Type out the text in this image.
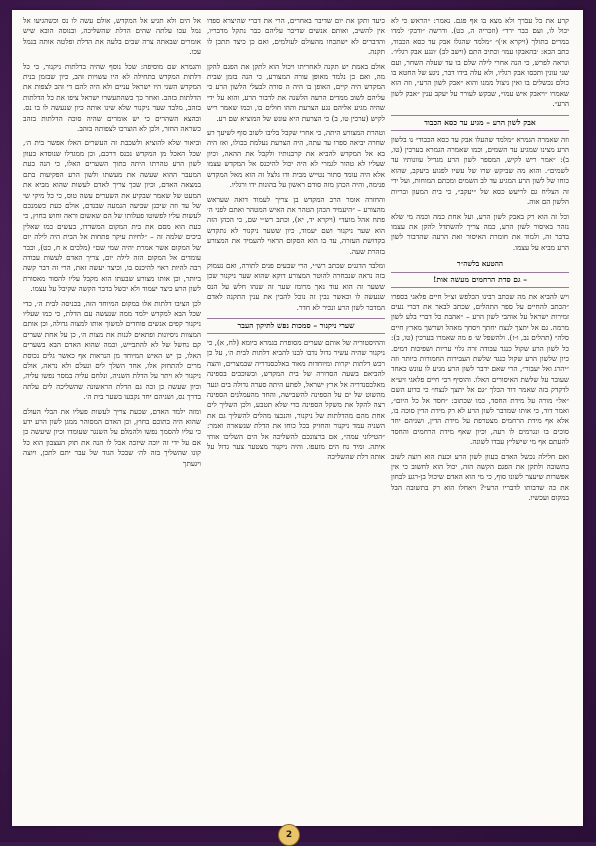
קרע את כל עבֹרך ולא מצא בו אף פגם. נאמר: ״הראש כי לא יכול לו, ועם כבר ירד״ (וזכריה ה, כט). ודרשה ״ודבק׳ למדו במרים בתולך (ויקרא א׳)״ ״מלמד שהגלו אבק עד כסא הכבוד, כתב הכא: ׳בהאבקו עמו׳ וכתיב התם (וישב לב) ׳ונגע אבק רגליו׳. ונראה לפרש, כי הנה אחרי לילה שלם בו עד שעלה השחר, ועם שני עונין ותכסו אבק רגליו, ולא עלה בידו דבר, ניגע של החטא בו כולם נכשלים בו ואין ניצול ממנו והוא ״אבק לשון הרע״, וזה הוא שאמרו ״ויאבק איש עמו״, שבקש לעורר על יעקב ענין ״אבק לשון הרע״.

אבק לשון הרע – מגיע עד כסא הכבוד

וזה שאמרה הגמרא ״מלמד שהעלו אבק עד כסא הכבוד״ נו בלשון הרע מצינו שמגיע עד השמים, וכמו שאמרה הגמרא בערכין (טו, ב): ״אמר ריש לקיש, המספר לשון הרע מגדיל עוונותיו עד לשמים״. והוא מה שביקש שרו של עשיו לפגוע ביעקב, שהוא כוחו של לשון הרע המגיע עד לב השמים ומכתם המוחות, ועל ידי זה הצליח גם לריעש כסא של ״יעקב״, כי בית המעון ובריות הלשון הם אוה.

וכל זה הוא רק באבק לשון הרע, ועל אחת כמה וכמה מי שלא נזהר באיסור לשון הרע, כמה צריך להשתדל להקן את עצמו בדבר זה, ולמוד את חומרת האיסור ואת הרעה שהדבור לשון הרע מביא על עצמו.

ההטעא בלשה״ר
– גם סדת הרחמים מעשה אות!

ויש להביא את מה שכתב רבינו הכלפש זצ״ל חיים פלאגי בספרו ״הכתב להחיים על ספר התהלים, שכתב לבאר את דברי נעים זמירות ישראל על אוהבי לשון הרע – ״אהבת כל דברי בלע לשון מרמה. גם אל יתצך לנצח יחתך ויסחך מאהל ושרשך מארץ חיים סלה״ (תהלים נב, ו-ז). ולהשפל ש׳ פ מה שאמרו בערכין (טו, ב): כל לשון הרע שקול כנגד עבודה זרה גלוי עריות ושפיכות דמים. כיון שלשון הרע שקול כנגד שלשת העבירות החמורות ביותר וזה ״יהרג ואל יעבור״, הרי שאם ידבר לשון הרע מגיע לו עונש כאחד שעובר על שלשת האיסורים האלו. והוסיף רבי חיים פלאגי זיע״א לדקדק בזה שאמר דוד הכלך ״גם אל יתצך לנצח״ כי כדוע השם ״אל״ מורה על מידת החסד, כמו שכתוב: ״חסד אל כל היום״, ואמר דוד, כי אותו שמדבר לשון הרע לא רק מידת הדין סוכה בו, אלא אף מידת הרחמים מצטרפת על מידת הדין, ושניהם יחד סוכים בו ונגרמים לו רעה, וכיון שאף מידת הרחמים והחסד להעתם אף מי שישליץ עבדו לשונה.

ואם חלילה נכשל האדם בעוון לשון הרע וכעת הוא רוצה לשוב בתשובה ולתקן את הפגם הקשה הזה, יכול הוא לחשוב כי אין אפשרות שיעצר לשונו סוף, כי מי הוא האדם שיכול בן-רגע לבחון את כה שדבותו לדבריו הרע״? ויאחלו הוא רק בתשובה הבל במקום ועכשיו.

כיעד ותקן את יום שדיבר באחרים, הרי את דברי שהיצרא ספדו אין להשיב, ואותם אנשים שדיבר עליהם כבר נתקל מדבריו, והדברים לא ישתכחו מהעולם לעולמים, ואם כן כיצד תתכן לו תקנה.

אולם באמת יש תקנה לאחריתו ויכול הוא לתקן את הפגם להקן מה, ואם כן נלמד מאופן עורה המצורע, כי הנה בזמן שבית המקדש היה קיים, האופן בו היה ה סורה לבעלי הלשון הרע כי עליהם לשוב ממדים הרעה הלשנה את לדבור הרע, והוא על ידי שהיה מגיע אליהם נגע הצרעת וההו חולים בו, וכמו שאמר ריש לקיש (ערכין טו, ב) כי הצרעת היא עונש של המוציא שם רע.

וטהרת המצורע היתה, כי אחרי שקבל בליבו לשוב סוף לשיעך רע שחרה יביאה ספרו עד עתה, היה הצרעת נעלמת בכולו, ואז היה בא אל המקדש להביא את קרבנותיו ולקבל את ההאה, וכיון שעליו לא טהור לגמרי לא היה יכול להיכנס אל המקדש עצמו אלא היה עומד סתור נטייש מבית ודו גלצל זה הוא מאל המקדש פנימה, והיה הכהן מזה סודם ראשון על בהונות ידו ורגליו.

והחזרה אומר הרב המקדש בן צריך לעמוד דואה שעראש מהצורע – ״היעמיד הכהן הטהר את האיש המטהר ואתם לפני ה׳ פתח אהל מועד״ (ויקרא יד, יא), וכתב רש״י שם, כי הכהן הזה הוא שער ניקנור ושם יעמוד, כיון ששער ניקנור לא נתקדש בקדושת העזרה, עד בו הוא הסקום הראוי להעמיד את המצורע בזהרת שעה.

ומלבד הדגנים שכתב רש״י, הרי שבעים פנים לתורה, ואם נעמוק בזה נראה שנבחרה להוטר המצורע דוקא שהוא שער ניקנור שכן ששער זה הוא עוד נאך מרומז שער זה שנהו חלש על הנס שנעשה לו וכאשר נבין זה נוכל להבין את ענין התקנה לאדם המדבר לשון הרע ונכיר לא חדר.

שערי ניקנור – סמכות נפש לתיקון העבר

וההיסטוריה של אותם שערים מסופרת בגמרא ביומא (לח, א), כי ניקנור שהיה עשיר גדול נדבו לבנו להביא דלתות לבית ה׳, על כן רכש דלתות יקרות ומיוחדות מאוד באלכסנדריה שבמצרים, והצה להביאם בשעה הסדורה של בית המקדש, ובשוכבים בספינה מאלכסנדריה אל ארץ ישראל, לפתע היתה סערה גדולה בים ונעד מהשוט של ים על הספינה להשבישה, והחד מהעמלנים הספינה רצה להקל את משקל הספינה כדי שלא תטבע, ולכן השליך לים אחת מהם מהדלתות של ניקנור, והנכצו מהלים להשליך גם את השניה עמד ניקנור והחזיק בכל כוחו את הדלת שנשארה ואמר: ״הטילוני עמה״, אם ברצונכם להשליכה אל הים השליכו אותי איתה. ומיד נח הים מזעפו. והיה ניקנור מצטער צער גדול על אותה דלת שהשליכה

אל הים ולא תגיע אל המקדש, אולם עשה לו נס וכשהגיעו אל נמל עכו עלתה שהים הדלת שהשליכה, ובנוסה הובא שיש אומרים שבאתה צרה שבים בלעה את הדלת ופלטה אותה בנמל עכו.

והגמרא שם מוסיפה: שכל נוסף שהיה בדלתות ניקנור, כי כל דלתות המקדש בתחילה לא היו עשויות זהב, כיון שבזמן בנית המקדש השני היו ישראל עניים ולא היה להם די זהב לצפות את הדלתות בזהב. ואחר כך כשהתעשרו ישראל ציפו את כל הדלתות בזהב, מלבד שער ניקנור שלא שינו אותה כיון שנעשה לו בו נס. ובהצא השהרים כי יש אומרים שהיה סוכה הדלתות בזהב כשראה החזר, ולכן לא הוצרכו לצפותה בזהב.

וביאור שלא להוציא ולשכבת זה העשרים האלו אפשר בית ה׳, שכל האכל מן המקדש נכנס דרכם, וכן ממגדלו שנוסדא בעוון לשון הרע טהרתו היתה בתוך השערים האלו, כי הנה בעת המעבר ההוא שעשה את מעשתו ולשון הרע הפקיעות בתם במצאה האדם, וכיון שכך צריך לאדם לעשות שהוא מביא את המעט של שאמר שבקיע את השערים עשה טוס, כי כל מיקי שי של עד וזה שיכנן שביעה הנמעה שבנדם, אולם כעת כשמנכם לעשות עליו לפשוטו פעלותו של הם שאשום וראה וחוש בחוץ, כי כעת הוא מסם את בית המקום המשדדו, בעשים כמו שאלין ביכים שלמה זה – ״לחיות עיקר פתחות אל הבית היה לילה יום של המקום אשר אמרת יהיה שמי שם״ (מלכים א ח, כט), וכבר עומדים אל המקום הזה לילה יום, צריך האדם לעשות עבודה רבה להיות ראוי להיכנס בו, וכיצד יעשה זאת, הרי זה דבר קשה ביותר, וכן אותו מצורע שבעתו הוא מקבל עליו להסוד מאסורת לשון הרע כיצד יעמוד ולא יכשל בדבר הקשה שקיבל על עצמו.

לכן הציבו דלתות אלו במקום המיוחד הזה, בכניסה לבית ה׳, כדי שכל הבא למקדש ילמד ממה שנעשה עם הדלת, כי כמו שעליו ניקנור קפים אנשים פוחדים למשוך אותו למצוה גדולה, וכן אותם המצוות ניסיונות ופתאים לגנות את מצות ה׳, כן על אחת שערים קם נחשל של לא להתבייש, וכמה שהוא האדם הבא בשערים האלו, כן יש האיש המיוחד מן הנראות אף כאשר גלים נכוסת מרים להתחזק אלו, אחד השלך לים ונעלם ולא נראה, אולם ניקנור לא ויתר על הדלת השניה, ונלחם עליה במסר נפשו עליה, וכיון שעשה כן זכה גם הדלת הראשונה שהשליכה לים עלתה בדרך נס, ושניהם יחד נקבעו בשער בית ה׳.

ומזה ילמד האדם, שכעת צריך לעשות פעליו את הבלי העולם שהוא היה בתוכם בחוץ, וכן האדם המסוהר ממגן לשון הרע ידע כי עליו להסמך נפשו ולהמלם על השנגר שעומדו וכיון שיעשה כן אם על ידי זה יוכה שיזכה אכל לו הנה את תוק העצבון הוא כל קונו שהשליך בזה לה׳ שבכל הגוד של עבר יתם לתכן, ויוצה ויגעתך

2
